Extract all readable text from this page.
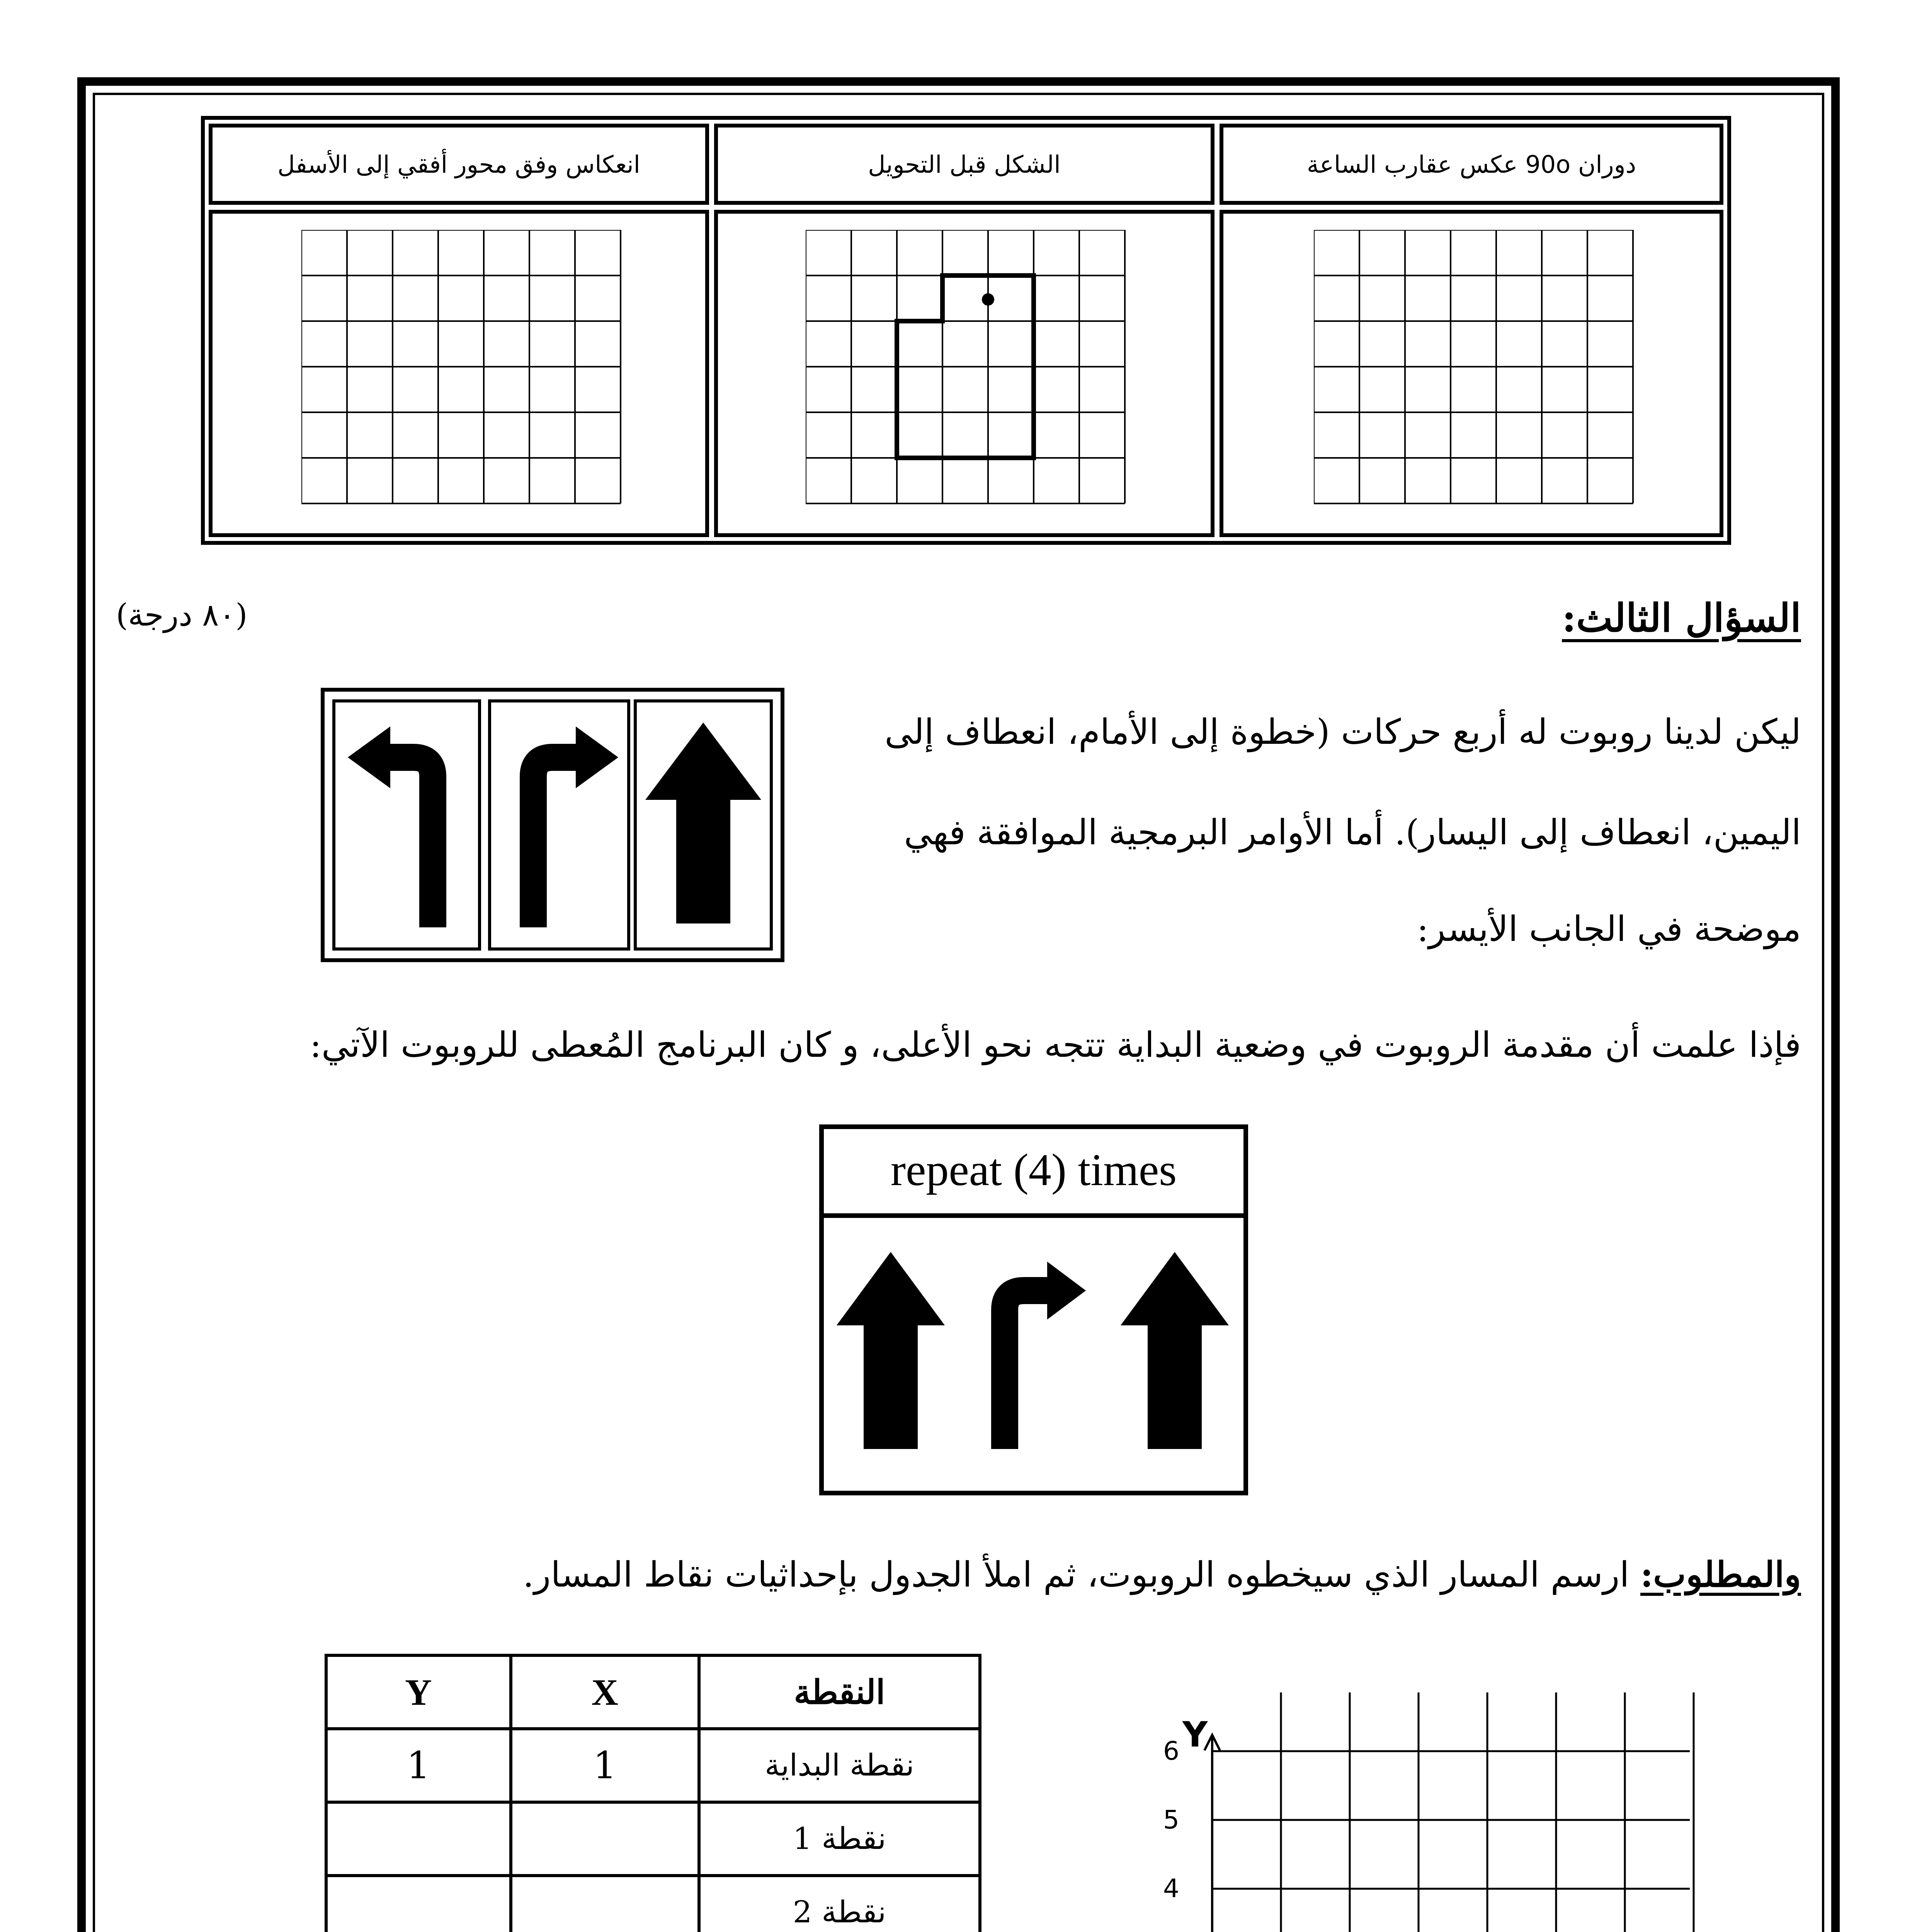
انعكاس وفق محور أفقي إلى الأسفل	الشكل قبل التحويل	دوران 90o عكس عقارب الساعة
السؤال الثالث:
(٨٠ درجة)
ليكن لدينا روبوت له أربع حركات (خطوة إلى الأمام، انعطاف إلى
اليمين، انعطاف إلى اليسار). أما الأوامر البرمجية الموافقة فهي
موضحة في الجانب الأيسر:
فإذا علمت أن مقدمة الروبوت في وضعية البداية تتجه نحو الأعلى، و كان البرنامج المُعطى للروبوت الآتي:
repeat (4) times
والمطلوب: ارسم المسار الذي سيخطوه الروبوت، ثم املأ الجدول بإحداثيات نقاط المسار.
Y	X	النقطة
1	1	نقطة البداية
		نقطة 1
		نقطة 2

Y
4
5
6
